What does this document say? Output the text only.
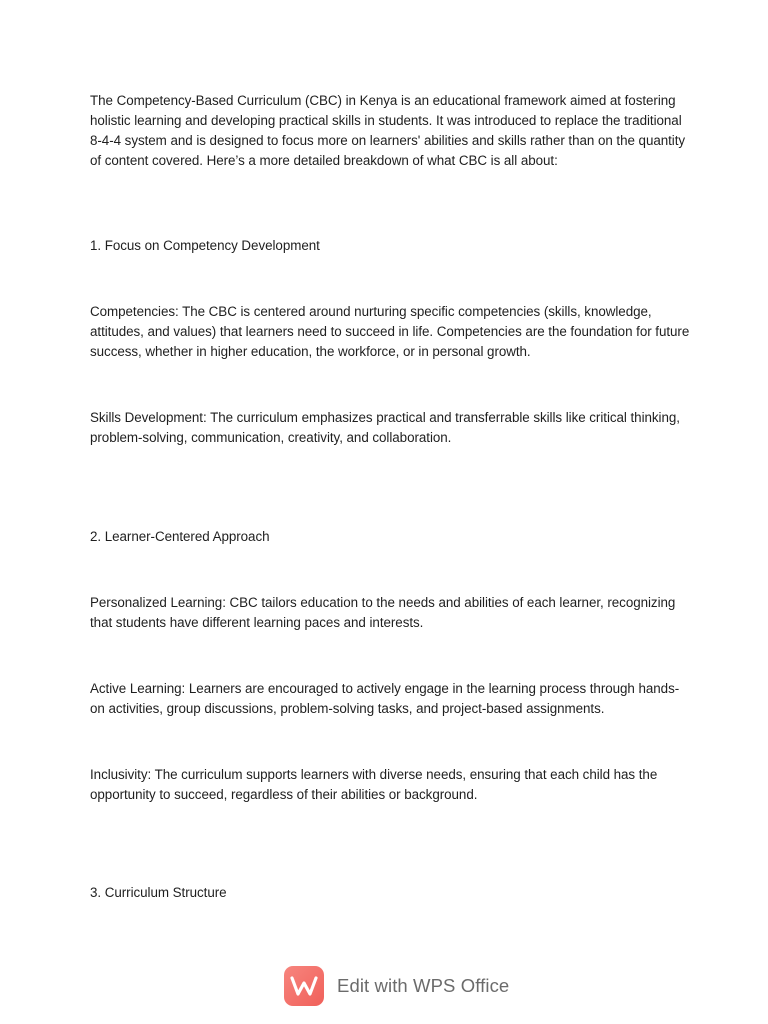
The Competency-Based Curriculum (CBC) in Kenya is an educational framework aimed at fostering holistic learning and developing practical skills in students. It was introduced to replace the traditional 8-4-4 system and is designed to focus more on learners' abilities and skills rather than on the quantity of content covered. Here’s a more detailed breakdown of what CBC is all about:

1. Focus on Competency Development

Competencies: The CBC is centered around nurturing specific competencies (skills, knowledge, attitudes, and values) that learners need to succeed in life. Competencies are the foundation for future success, whether in higher education, the workforce, or in personal growth.

Skills Development: The curriculum emphasizes practical and transferrable skills like critical thinking, problem-solving, communication, creativity, and collaboration.

2. Learner-Centered Approach

Personalized Learning: CBC tailors education to the needs and abilities of each learner, recognizing that students have different learning paces and interests.

Active Learning: Learners are encouraged to actively engage in the learning process through hands-on activities, group discussions, problem-solving tasks, and project-based assignments.

Inclusivity: The curriculum supports learners with diverse needs, ensuring that each child has the opportunity to succeed, regardless of their abilities or background.

3. Curriculum Structure

Edit with WPS Office
